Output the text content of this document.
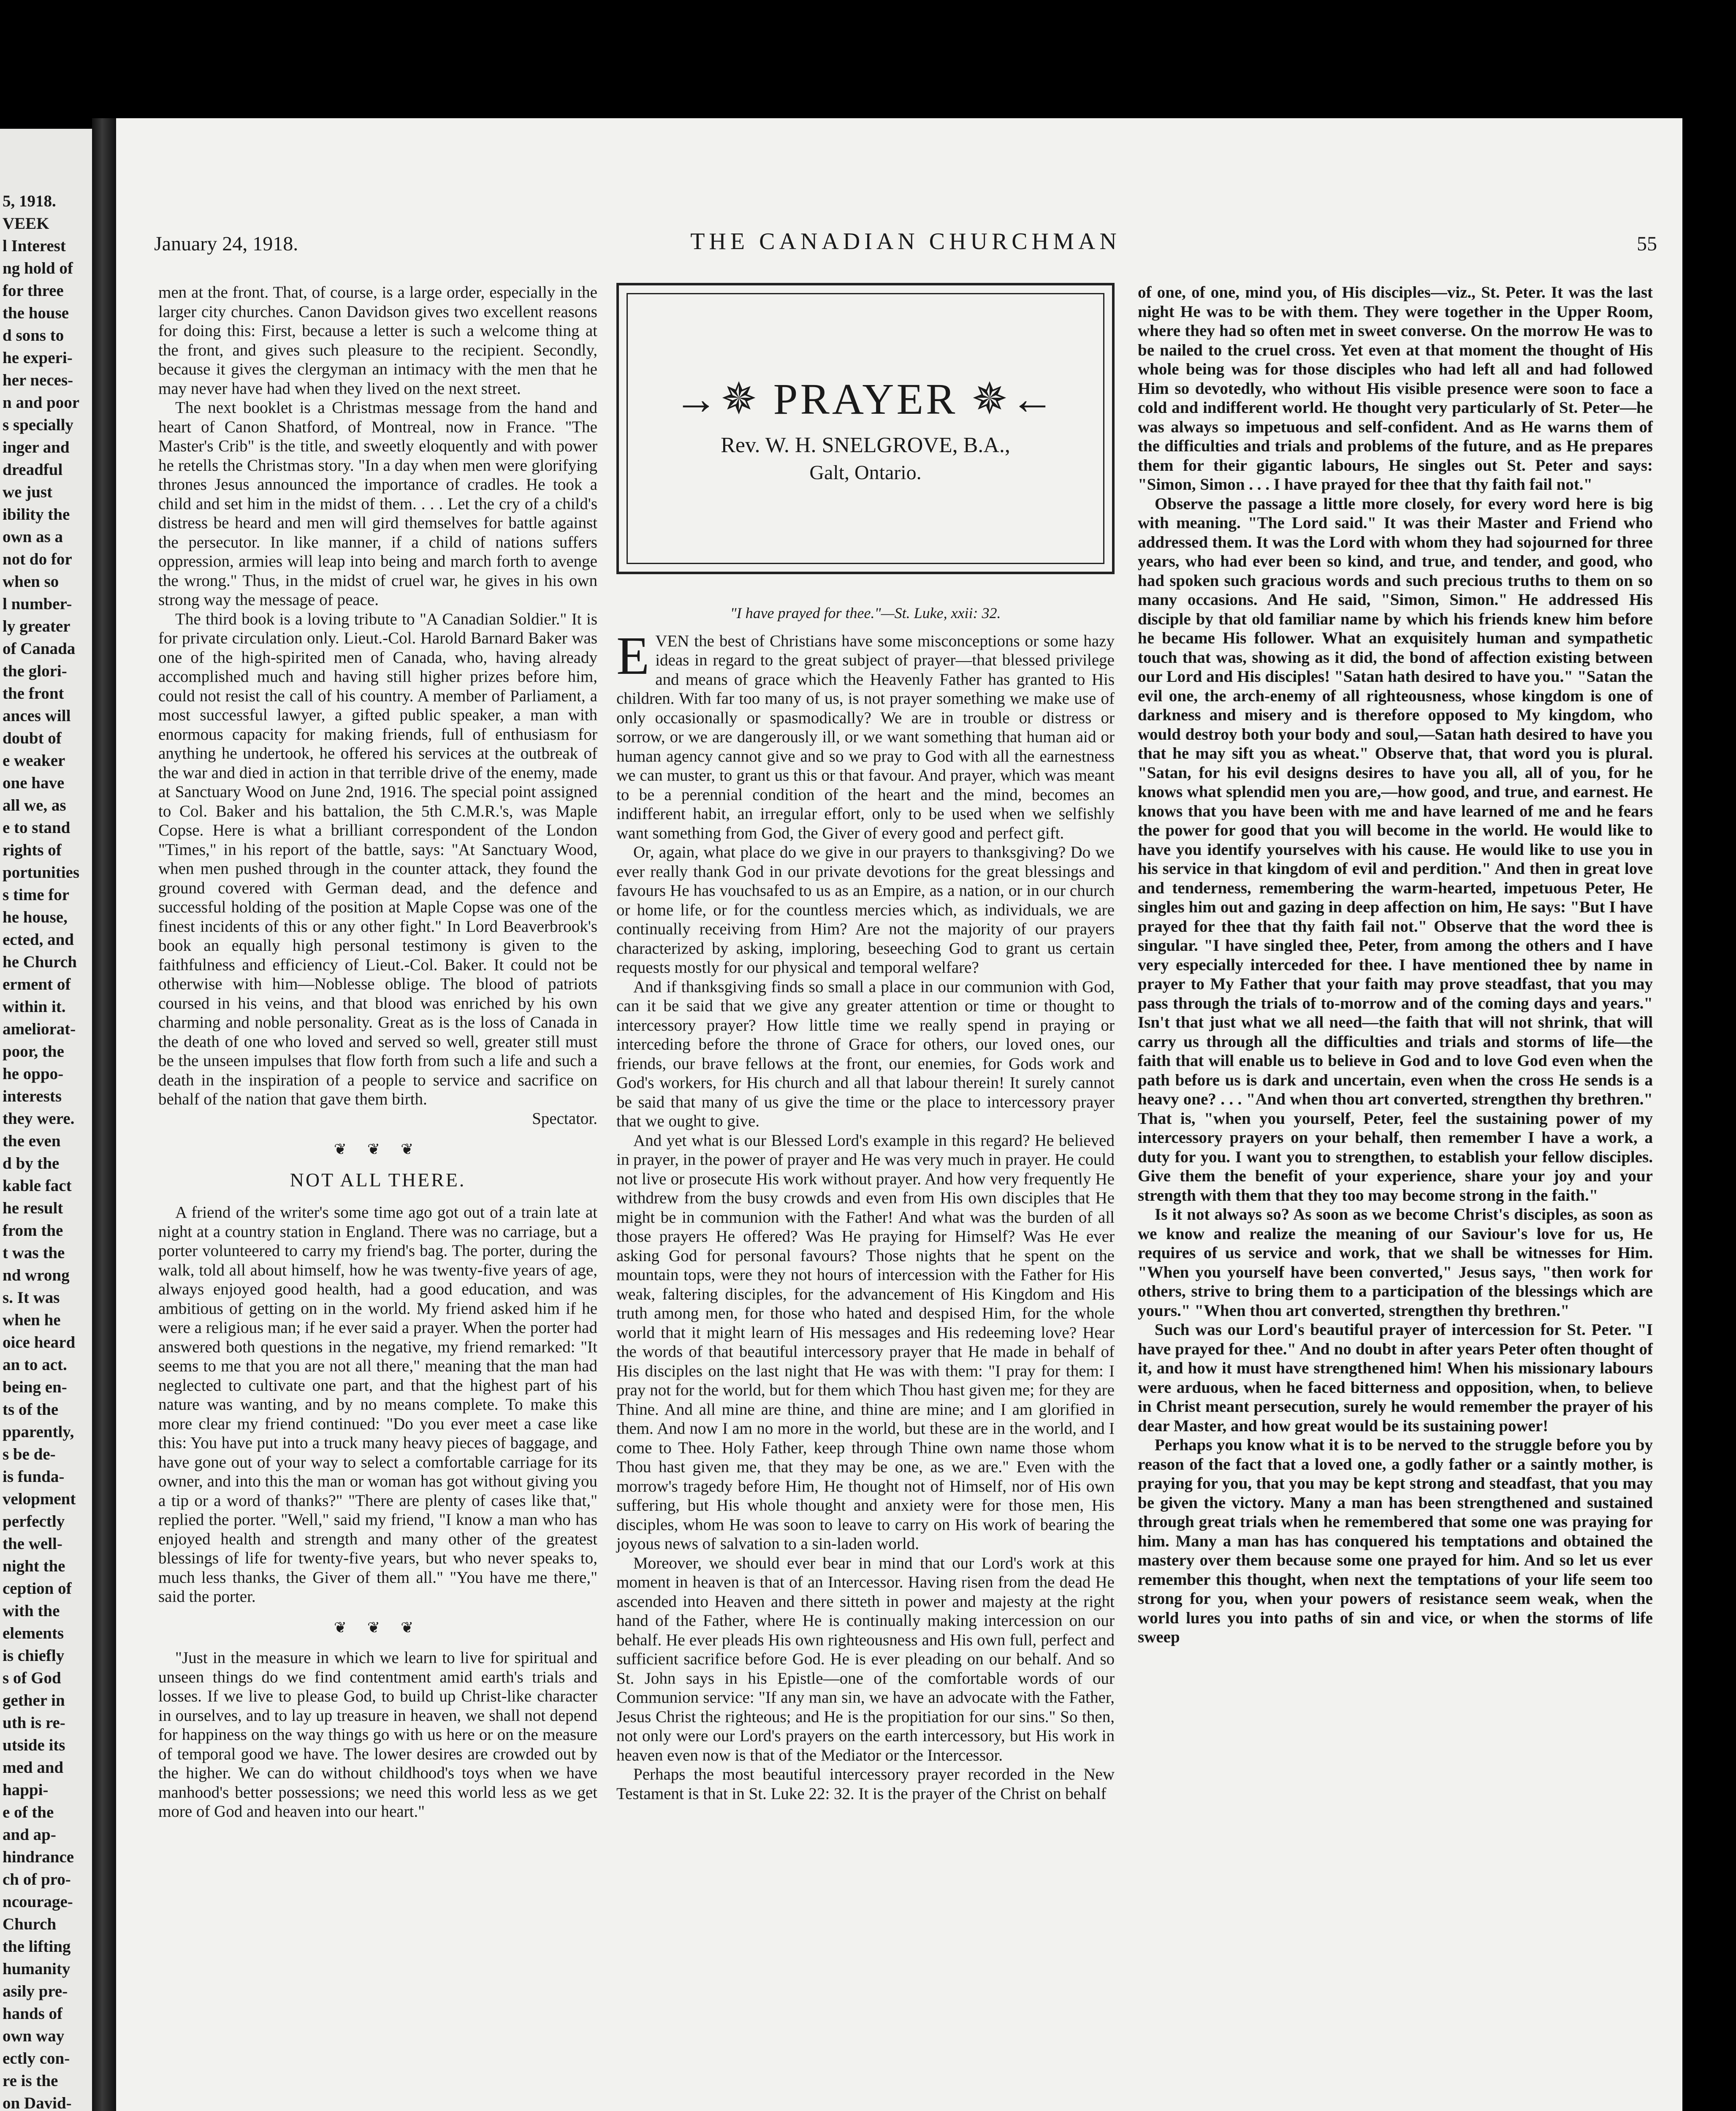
5, 1918.
VEEK
l Interest
ng hold of
for three
the house
d sons to
he experi-
her neces-
n and poor
s specially
inger and
dreadful
we just
ibility the
own as a
not do for
when so
l number-
ly greater
of Canada
the glori-
the front
ances will
doubt of
e weaker
one have
all we, as
e to stand
rights of
portunities
s time for
he house,
ected, and
he Church
erment of
within it.
ameliorat-
poor, the
he oppo-
interests
they were.
the even
d by the
kable fact
he result
from the
t was the
nd wrong
s. It was
when he
oice heard
an to act.
being en-
ts of the
pparently,
s be de-
is funda-
velopment
perfectly
the well-
night the
ception of
with the
elements
is chiefly
s of God
gether in
uth is re-
utside its
med and
happi-
e of the
and ap-
hindrance
ch of pro-
ncourage-
Church
the lifting
humanity
asily pre-
hands of
own way
ectly con-
re is the
on David-
January 24, 1918.	THE CANADIAN CHURCHMAN	55

men at the front. That, of course, is a large order, especially in the larger city churches. Canon Davidson gives two excellent reasons for doing this: First, because a letter is such a welcome thing at the front, and gives such pleasure to the recipient. Secondly, because it gives the clergyman an intimacy with the men that he may never have had when they lived on the next street.

The next booklet is a Christmas message from the hand and heart of Canon Shatford, of Montreal, now in France. "The Master's Crib" is the title, and sweetly eloquently and with power he retells the Christmas story. "In a day when men were glorifying thrones Jesus announced the importance of cradles. He took a child and set him in the midst of them. . . . Let the cry of a child's distress be heard and men will gird themselves for battle against the persecutor. In like manner, if a child of nations suffers oppression, armies will leap into being and march forth to avenge the wrong." Thus, in the midst of cruel war, he gives in his own strong way the message of peace.

The third book is a loving tribute to "A Canadian Soldier." It is for private circulation only. Lieut.-Col. Harold Barnard Baker was one of the high-spirited men of Canada, who, having already accomplished much and having still higher prizes before him, could not resist the call of his country. A member of Parliament, a most successful lawyer, a gifted public speaker, a man with enormous capacity for making friends, full of enthusiasm for anything he undertook, he offered his services at the outbreak of the war and died in action in that terrible drive of the enemy, made at Sanctuary Wood on June 2nd, 1916. The special point assigned to Col. Baker and his battalion, the 5th C.M.R.'s, was Maple Copse. Here is what a brilliant correspondent of the London "Times," in his report of the battle, says: "At Sanctuary Wood, when men pushed through in the counter attack, they found the ground covered with German dead, and the defence and successful holding of the position at Maple Copse was one of the finest incidents of this or any other fight." In Lord Beaverbrook's book an equally high personal testimony is given to the faithfulness and efficiency of Lieut.-Col. Baker. It could not be otherwise with him—Noblesse oblige. The blood of patriots coursed in his veins, and that blood was enriched by his own charming and noble personality. Great as is the loss of Canada in the death of one who loved and served so well, greater still must be the unseen impulses that flow forth from such a life and such a death in the inspiration of a people to service and sacrifice on behalf of the nation that gave them birth.

Spectator.

❦ ❦ ❦
NOT ALL THERE.

A friend of the writer's some time ago got out of a train late at night at a country station in England. There was no carriage, but a porter volunteered to carry my friend's bag. The porter, during the walk, told all about himself, how he was twenty-five years of age, always enjoyed good health, had a good education, and was ambitious of getting on in the world. My friend asked him if he were a religious man; if he ever said a prayer. When the porter had answered both questions in the negative, my friend remarked: "It seems to me that you are not all there," meaning that the man had neglected to cultivate one part, and that the highest part of his nature was wanting, and by no means complete. To make this more clear my friend continued: "Do you ever meet a case like this: You have put into a truck many heavy pieces of baggage, and have gone out of your way to select a comfortable carriage for its owner, and into this the man or woman has got without giving you a tip or a word of thanks?" "There are plenty of cases like that," replied the porter. "Well," said my friend, "I know a man who has enjoyed health and strength and many other of the greatest blessings of life for twenty-five years, but who never speaks to, much less thanks, the Giver of them all." "You have me there," said the porter.

❦ ❦ ❦

"Just in the measure in which we learn to live for spiritual and unseen things do we find contentment amid earth's trials and losses. If we live to please God, to build up Christ-like character in ourselves, and to lay up treasure in heaven, we shall not depend for happiness on the way things go with us here or on the measure of temporal good we have. The lower desires are crowded out by the higher. We can do without childhood's toys when we have manhood's better possessions; we need this world less as we get more of God and heaven into our heart."

→✵ PRAYER ✵←
Rev. W. H. SNELGROVE, B.A.,
Galt, Ontario.
"I have prayed for thee."—St. Luke, xxii: 32.

EVEN the best of Christians have some misconceptions or some hazy ideas in regard to the great subject of prayer—that blessed privilege and means of grace which the Heavenly Father has granted to His children. With far too many of us, is not prayer something we make use of only occasionally or spasmodically? We are in trouble or distress or sorrow, or we are dangerously ill, or we want something that human aid or human agency cannot give and so we pray to God with all the earnestness we can muster, to grant us this or that favour. And prayer, which was meant to be a perennial condition of the heart and the mind, becomes an indifferent habit, an irregular effort, only to be used when we selfishly want something from God, the Giver of every good and perfect gift.

Or, again, what place do we give in our prayers to thanksgiving? Do we ever really thank God in our private devotions for the great blessings and favours He has vouchsafed to us as an Empire, as a nation, or in our church or home life, or for the countless mercies which, as individuals, we are continually receiving from Him? Are not the majority of our prayers characterized by asking, imploring, beseeching God to grant us certain requests mostly for our physical and temporal welfare?

And if thanksgiving finds so small a place in our communion with God, can it be said that we give any greater attention or time or thought to intercessory prayer? How little time we really spend in praying or interceding before the throne of Grace for others, our loved ones, our friends, our brave fellows at the front, our enemies, for Gods work and God's workers, for His church and all that labour therein! It surely cannot be said that many of us give the time or the place to intercessory prayer that we ought to give.

And yet what is our Blessed Lord's example in this regard? He believed in prayer, in the power of prayer and He was very much in prayer. He could not live or prosecute His work without prayer. And how very frequently He withdrew from the busy crowds and even from His own disciples that He might be in communion with the Father! And what was the burden of all those prayers He offered? Was He praying for Himself? Was He ever asking God for personal favours? Those nights that he spent on the mountain tops, were they not hours of intercession with the Father for His weak, faltering disciples, for the advancement of His Kingdom and His truth among men, for those who hated and despised Him, for the whole world that it might learn of His messages and His redeeming love? Hear the words of that beautiful intercessory prayer that He made in behalf of His disciples on the last night that He was with them: "I pray for them: I pray not for the world, but for them which Thou hast given me; for they are Thine. And all mine are thine, and thine are mine; and I am glorified in them. And now I am no more in the world, but these are in the world, and I come to Thee. Holy Father, keep through Thine own name those whom Thou hast given me, that they may be one, as we are." Even with the morrow's tragedy before Him, He thought not of Himself, nor of His own suffering, but His whole thought and anxiety were for those men, His disciples, whom He was soon to leave to carry on His work of bearing the joyous news of salvation to a sin-laden world.

Moreover, we should ever bear in mind that our Lord's work at this moment in heaven is that of an Intercessor. Having risen from the dead He ascended into Heaven and there sitteth in power and majesty at the right hand of the Father, where He is continually making intercession on our behalf. He ever pleads His own righteousness and His own full, perfect and sufficient sacrifice before God. He is ever pleading on our behalf. And so St. John says in his Epistle—one of the comfortable words of our Communion service: "If any man sin, we have an advocate with the Father, Jesus Christ the righteous; and He is the propitiation for our sins." So then, not only were our Lord's prayers on the earth intercessory, but His work in heaven even now is that of the Mediator or the Intercessor.

Perhaps the most beautiful intercessory prayer recorded in the New Testament is that in St. Luke 22: 32. It is the prayer of the Christ on behalf

of one, of one, mind you, of His disciples—viz., St. Peter. It was the last night He was to be with them. They were together in the Upper Room, where they had so often met in sweet converse. On the morrow He was to be nailed to the cruel cross. Yet even at that moment the thought of His whole being was for those disciples who had left all and had followed Him so devotedly, who without His visible presence were soon to face a cold and indifferent world. He thought very particularly of St. Peter—he was always so impetuous and self-confident. And as He warns them of the difficulties and trials and problems of the future, and as He prepares them for their gigantic labours, He singles out St. Peter and says: "Simon, Simon . . . I have prayed for thee that thy faith fail not."

Observe the passage a little more closely, for every word here is big with meaning. "The Lord said." It was their Master and Friend who addressed them. It was the Lord with whom they had sojourned for three years, who had ever been so kind, and true, and tender, and good, who had spoken such gracious words and such precious truths to them on so many occasions. And He said, "Simon, Simon." He addressed His disciple by that old familiar name by which his friends knew him before he became His follower. What an exquisitely human and sympathetic touch that was, showing as it did, the bond of affection existing between our Lord and His disciples! "Satan hath desired to have you." "Satan the evil one, the arch-enemy of all righteousness, whose kingdom is one of darkness and misery and is therefore opposed to My kingdom, who would destroy both your body and soul,—Satan hath desired to have you that he may sift you as wheat." Observe that, that word you is plural. "Satan, for his evil designs desires to have you all, all of you, for he knows what splendid men you are,—how good, and true, and earnest. He knows that you have been with me and have learned of me and he fears the power for good that you will become in the world. He would like to have you identify yourselves with his cause. He would like to use you in his service in that kingdom of evil and perdition." And then in great love and tenderness, remembering the warm-hearted, impetuous Peter, He singles him out and gazing in deep affection on him, He says: "But I have prayed for thee that thy faith fail not." Observe that the word thee is singular. "I have singled thee, Peter, from among the others and I have very especially interceded for thee. I have mentioned thee by name in prayer to My Father that your faith may prove steadfast, that you may pass through the trials of to-morrow and of the coming days and years." Isn't that just what we all need—the faith that will not shrink, that will carry us through all the difficulties and trials and storms of life—the faith that will enable us to believe in God and to love God even when the path before us is dark and uncertain, even when the cross He sends is a heavy one? . . . "And when thou art converted, strengthen thy brethren." That is, "when you yourself, Peter, feel the sustaining power of my intercessory prayers on your behalf, then remember I have a work, a duty for you. I want you to strengthen, to establish your fellow disciples. Give them the benefit of your experience, share your joy and your strength with them that they too may become strong in the faith."

Is it not always so? As soon as we become Christ's disciples, as soon as we know and realize the meaning of our Saviour's love for us, He requires of us service and work, that we shall be witnesses for Him. "When you yourself have been converted," Jesus says, "then work for others, strive to bring them to a participation of the blessings which are yours." "When thou art converted, strengthen thy brethren."

Such was our Lord's beautiful prayer of intercession for St. Peter. "I have prayed for thee." And no doubt in after years Peter often thought of it, and how it must have strengthened him! When his missionary labours were arduous, when he faced bitterness and opposition, when, to believe in Christ meant persecution, surely he would remember the prayer of his dear Master, and how great would be its sustaining power!

Perhaps you know what it is to be nerved to the struggle before you by reason of the fact that a loved one, a godly father or a saintly mother, is praying for you, that you may be kept strong and steadfast, that you may be given the victory. Many a man has been strengthened and sustained through great trials when he remembered that some one was praying for him. Many a man has has conquered his temptations and obtained the mastery over them because some one prayed for him. And so let us ever remember this thought, when next the temptations of your life seem too strong for you, when your powers of resistance seem weak, when the world lures you into paths of sin and vice, or when the storms of life sweep
